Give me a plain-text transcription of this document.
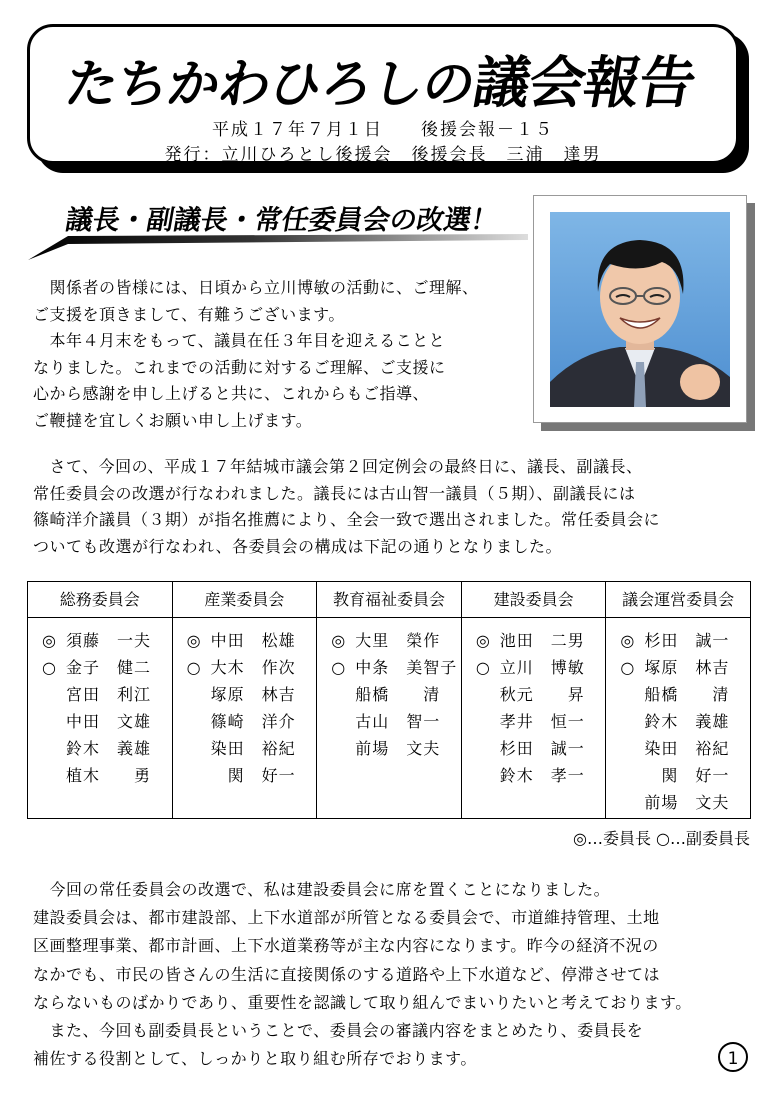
たちかわひろしの議会報告
平成１７年７月１日　　後援会報－１５
発行：立川ひろとし後援会　後援会長　三浦　達男
議長・副議長・常任委員会の改選！
　関係者の皆様には、日頃から立川博敏の活動に、ご理解、
ご支援を頂きまして、有難うございます。
　本年４月末をもって、議員在任３年目を迎えることと
なりました。これまでの活動に対するご理解、ご支援に
心から感謝を申し上げると共に、これからもご指導、
ご鞭撻を宜しくお願い申し上げます。
　さて、今回の、平成１７年結城市議会第２回定例会の最終日に、議長、副議長、
常任委員会の改選が行なわれました。議長には古山智一議員（５期）、副議長には
篠崎洋介議員（３期）が指名推薦により、全会一致で選出されました。常任委員会に
ついても改選が行なわれ、各委員会の構成は下記の通りとなりました。
総務委員会
◎ 須藤　一夫
○ 金子　健二
宮田　利江
中田　文雄
鈴木　義雄
植木　　勇
産業委員会
◎ 中田　松雄
○ 大木　作次
塚原　林吉
篠崎　洋介
染田　裕紀
　関　好一
教育福祉委員会
◎ 大里　榮作
○ 中条　美智子
船橋　　清
古山　智一
前場　文夫
建設委員会
◎ 池田　二男
○ 立川　博敏
秋元　　昇
孝井　恒一
杉田　誠一
鈴木　孝一
議会運営委員会
◎ 杉田　誠一
○ 塚原　林吉
船橋　　清
鈴木　義雄
染田　裕紀
　関　好一
前場　文夫
◎…委員長 ○…副委員長
　今回の常任委員会の改選で、私は建設委員会に席を置くことになりました。
建設委員会は、都市建設部、上下水道部が所管となる委員会で、市道維持管理、土地
区画整理事業、都市計画、上下水道業務等が主な内容になります。昨今の経済不況の
なかでも、市民の皆さんの生活に直接関係のする道路や上下水道など、停滞させては
ならないものばかりであり、重要性を認識して取り組んでまいりたいと考えております。
　また、今回も副委員長ということで、委員会の審議内容をまとめたり、委員長を
補佐する役割として、しっかりと取り組む所存でおります。	1
